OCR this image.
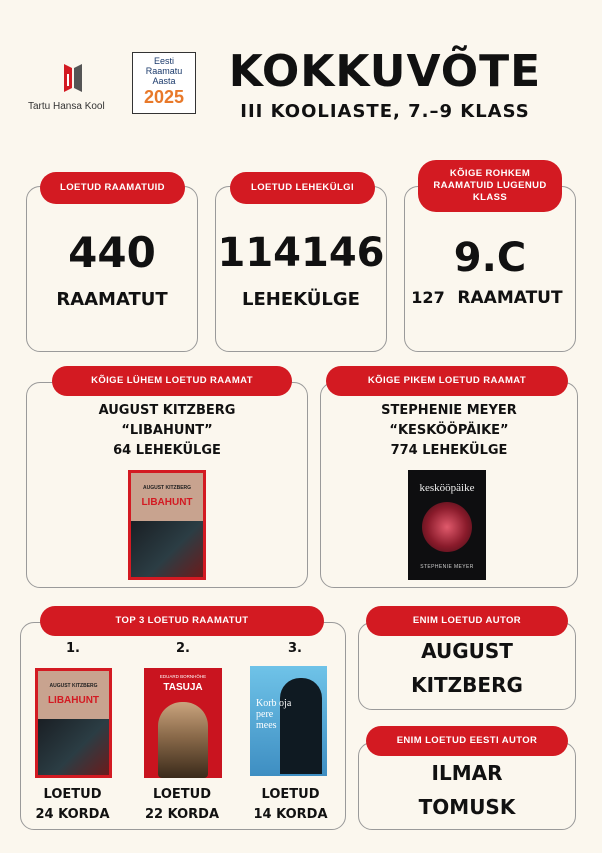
Tartu Hansa Kool
Eesti
Raamatu
Aasta
2025	KOKKUVÕTE
III KOOLIASTE, 7.–9 KLASS
LOETUD RAAMATUID
440
RAAMATUT
LOETUD LEHEKÜLGI
114146
LEHEKÜLGE
KÕIGE ROHKEM RAAMATUID LUGENUD KLASS
9.C
127 RAAMATUT
KÕIGE LÜHEM LOETUD RAAMAT
AUGUST KITZBERG
“LIBAHUNT”
64 LEHEKÜLGE
AUGUST KITZBERG
LIBAHUNT
KÕIGE PIKEM LOETUD RAAMAT
STEPHENIE MEYER
“KESKÖÖPÄIKE”
774 LEHEKÜLGE
keskööpäike
STEPHENIE MEYER
TOP 3 LOETUD RAAMATUT
1.
AUGUST KITZBERG
LIBAHUNT
LOETUD
24 KORDA
2.
EDUARD BORNHÖHE
TASUJA
LOETUD
22 KORDA
3.
Korb oja pere mees
LOETUD
14 KORDA
ENIM LOETUD AUTOR
AUGUST
KITZBERG
ENIM LOETUD EESTI AUTOR
ILMAR
TOMUSK
